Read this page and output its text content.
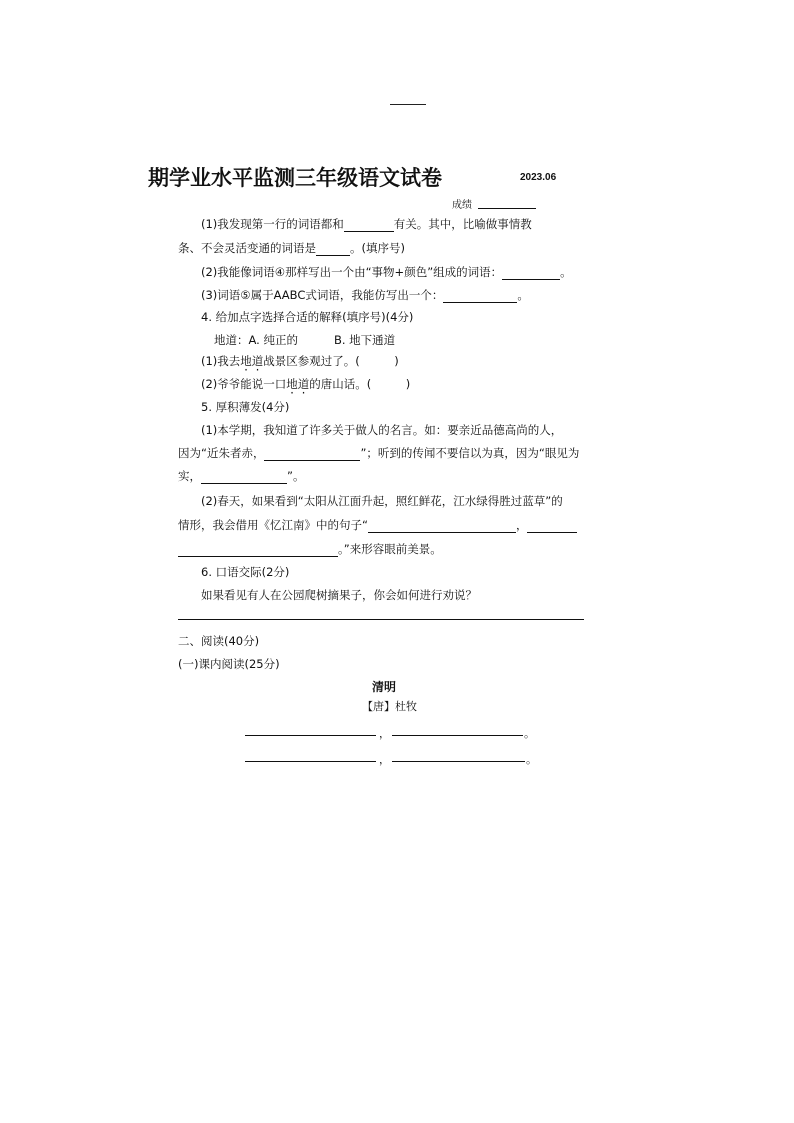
期学业水平监测三年级语文试卷	2023.06
成绩
(1)我发现第一行的词语都和	有关。其中，比喻做事情教
条、不会灵活变通的词语是	。(填序号)
(2)我能像词语④那样写出一个由“事物+颜色”组成的词语：	。
(3)词语⑤属于AABC式词语，我能仿写出一个：	。
4. 给加点字选择合适的解释(填序号)(4分)
地道：A. 纯正的	B. 地下通道
(1)我去地道战景区参观过了。(　　　)
(2)爷爷能说一口地道的唐山话。(　　　)
5. 厚积薄发(4分)
(1)本学期，我知道了许多关于做人的名言。如：要亲近品德高尚的人，
因为“近朱者赤，	”；听到的传闻不要信以为真，因为“眼见为
实，	”。
(2)春天，如果看到“太阳从江面升起，照红鲜花，江水绿得胜过蓝草”的
情形，我会借用《忆江南》中的句子“	，
。”来形容眼前美景。
6. 口语交际(2分)
如果看见有人在公园爬树摘果子，你会如何进行劝说？
二、阅读(40分)
(一)课内阅读(25分)
清明
【唐】杜牧
，	。
，	。
